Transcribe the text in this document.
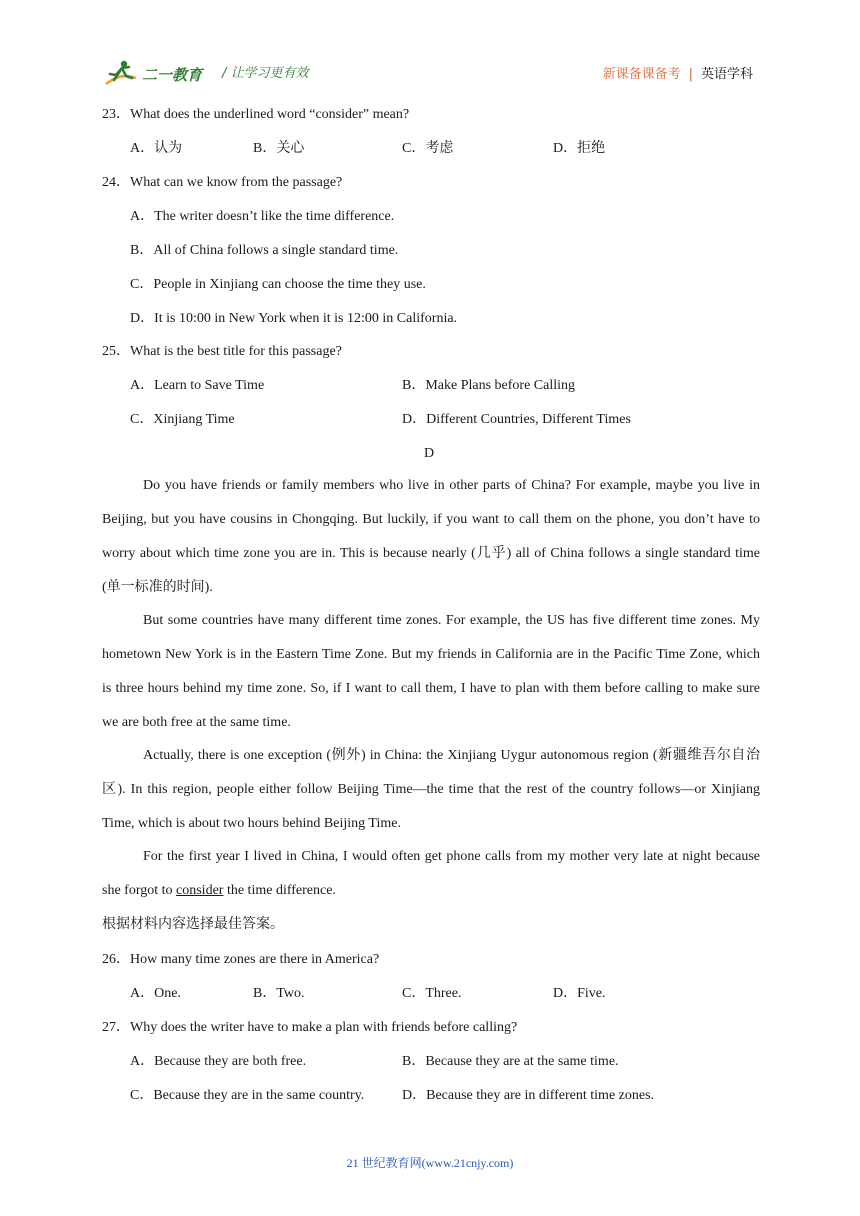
二一教育 / 让学习更有效	新课备课备考 | 英语学科
23．What does the underlined word “consider” mean?
A．认为	B．关心	C．考虑	D．拒绝
24．What can we know from the passage?
A．The writer doesn’t like the time difference.
B．All of China follows a single standard time.
C．People in Xinjiang can choose the time they use.
D．It is 10:00 in New York when it is 12:00 in California.
25．What is the best title for this passage?
A．Learn to Save Time	B．Make Plans before Calling
C．Xinjiang Time	D．Different Countries, Different Times
D
Do you have friends or family members who live in other parts of China? For example, maybe you live in Beijing, but you have cousins in Chongqing. But luckily, if you want to call them on the phone, you don’t have to worry about which time zone you are in. This is because nearly (几乎) all of China follows a single standard time (单一标准的时间).
But some countries have many different time zones. For example, the US has five different time zones. My hometown New York is in the Eastern Time Zone. But my friends in California are in the Pacific Time Zone, which is three hours behind my time zone. So, if I want to call them, I have to plan with them before calling to make sure we are both free at the same time.
Actually, there is one exception (例外) in China: the Xinjiang Uygur autonomous region (新疆维吾尔自治区). In this region, people either follow Beijing Time—the time that the rest of the country follows—or Xinjiang Time, which is about two hours behind Beijing Time.
For the first year I lived in China, I would often get phone calls from my mother very late at night because she forgot to consider the time difference.
根据材料内容选择最佳答案。
26．How many time zones are there in America?
A．One.	B．Two.	C．Three.	D．Five.
27．Why does the writer have to make a plan with friends before calling?
A．Because they are both free.	B．Because they are at the same time.
C．Because they are in the same country.	D．Because they are in different time zones.
21 世纪教育网(www.21cnjy.com)
